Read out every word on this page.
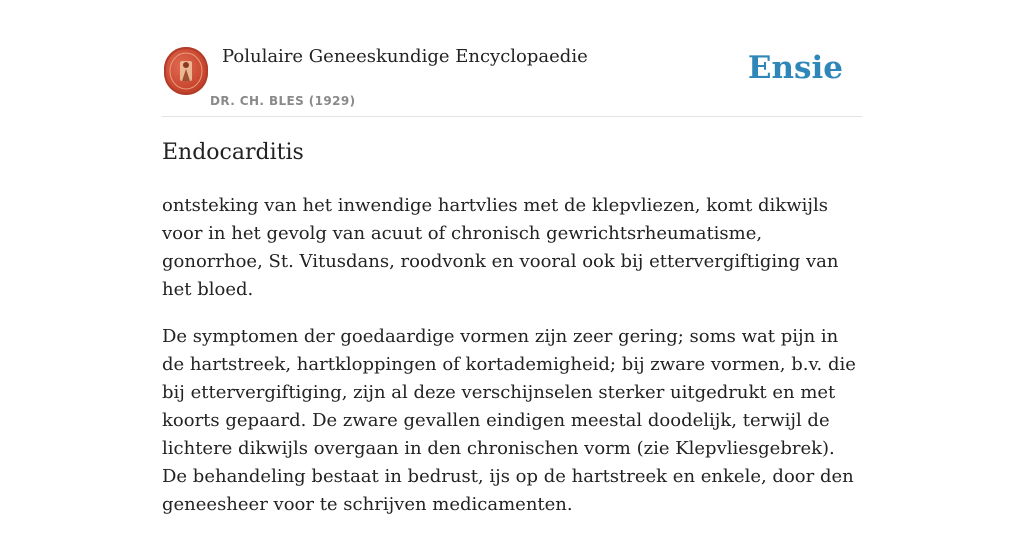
Polulaire Geneeskundige Encyclopaedie
DR. CH. BLES (1929)
Ensie
Endocarditis

ontsteking van het inwendige hartvlies met de klepvliezen, komt dikwijls voor in het gevolg van acuut of chronisch gewrichtsrheumatisme, gonorrhoe, St. Vitusdans, roodvonk en vooral ook bij ettervergiftiging van het bloed.

De symptomen der goedaardige vormen zijn zeer gering; soms wat pijn in de hartstreek, hartkloppingen of kortademigheid; bij zware vormen, b.v. die bij ettervergiftiging, zijn al deze verschijnselen sterker uitgedrukt en met koorts gepaard. De zware gevallen eindigen meestal doodelijk, terwijl de lichtere dikwijls overgaan in den chronischen vorm (zie Klepvliesgebrek). De behandeling bestaat in bedrust, ijs op de hartstreek en enkele, door den geneesheer voor te schrijven medicamenten.
